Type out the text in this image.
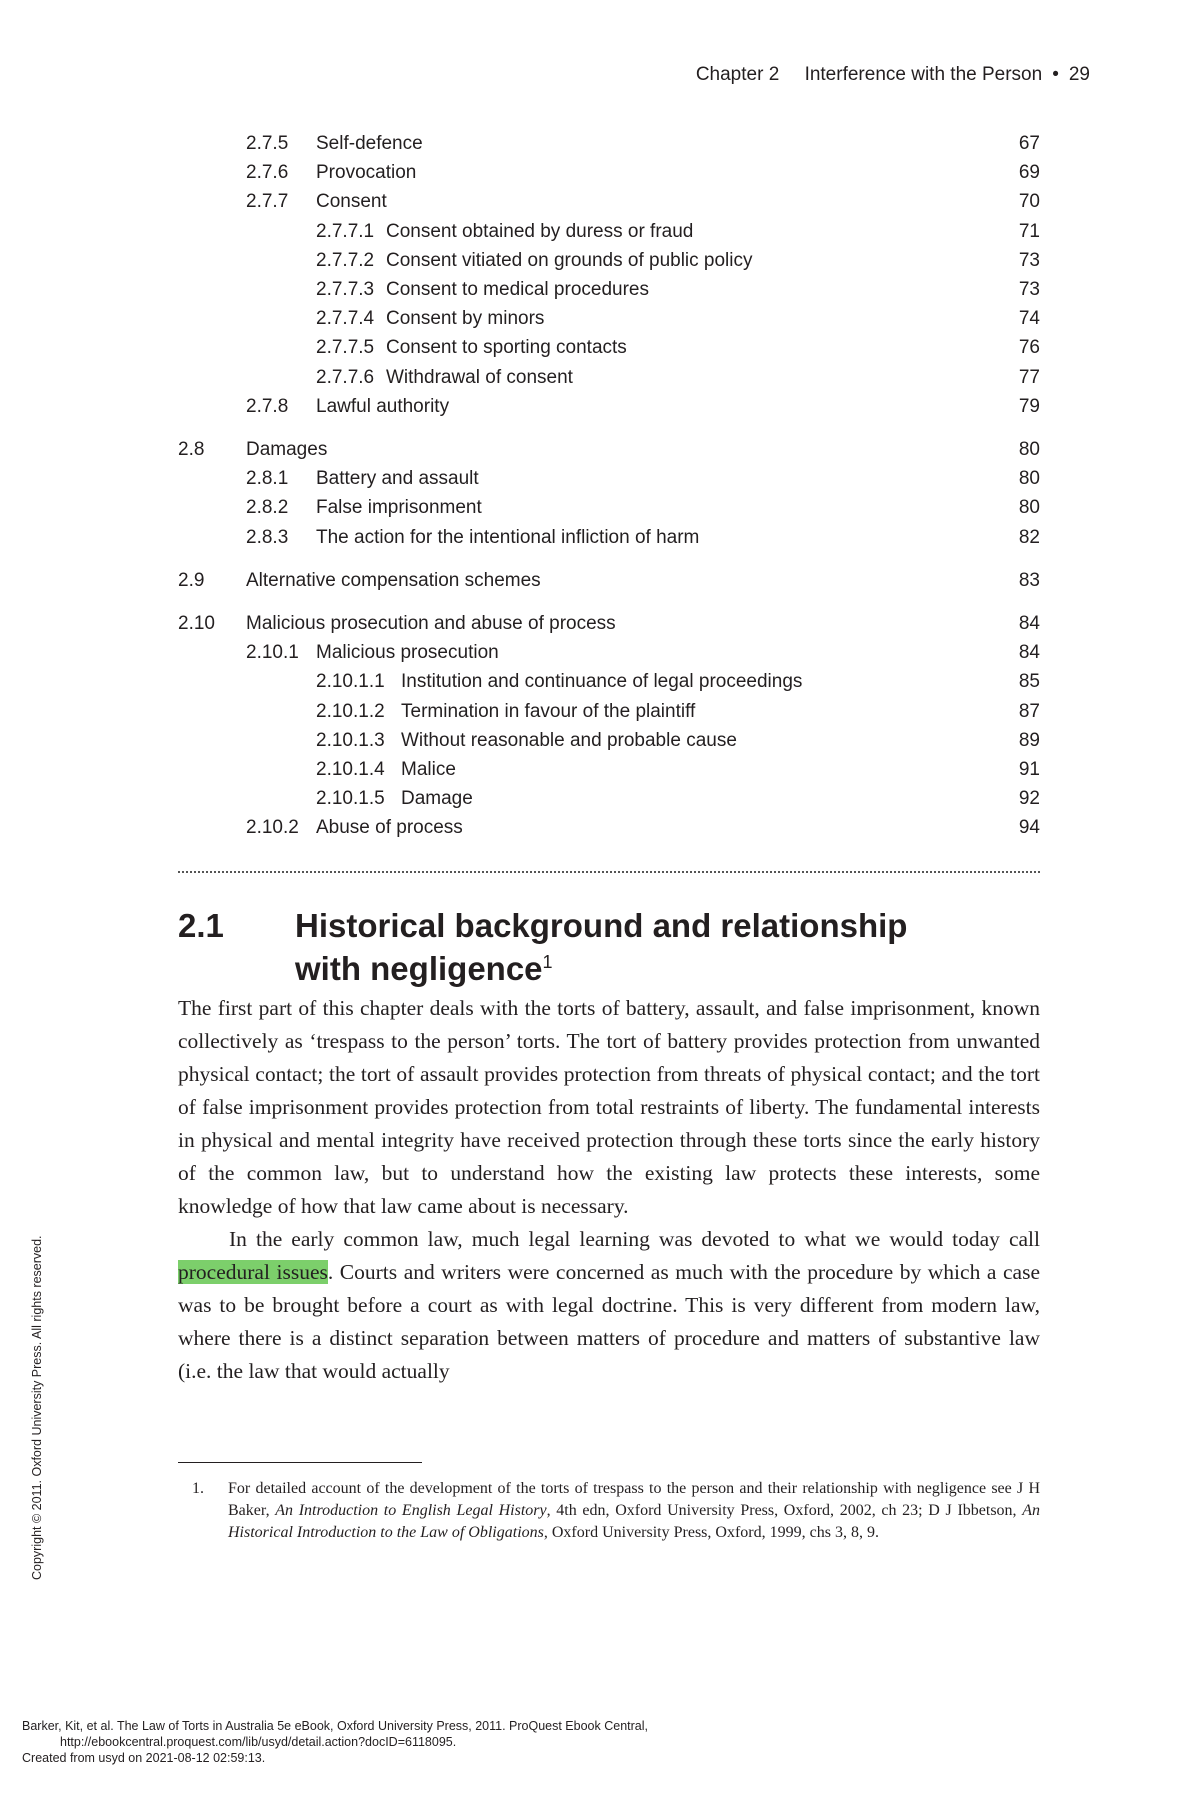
Chapter 2 Interference with the Person • 29
2.7.5 Self-defence	67
2.7.6 Provocation	69
2.7.7 Consent	70
2.7.7.1 Consent obtained by duress or fraud	71
2.7.7.2 Consent vitiated on grounds of public policy	73
2.7.7.3 Consent to medical procedures	73
2.7.7.4 Consent by minors	74
2.7.7.5 Consent to sporting contacts	76
2.7.7.6 Withdrawal of consent	77
2.7.8 Lawful authority	79
2.8 Damages	80
2.8.1 Battery and assault	80
2.8.2 False imprisonment	80
2.8.3 The action for the intentional infliction of harm	82
2.9 Alternative compensation schemes	83
2.10 Malicious prosecution and abuse of process	84
2.10.1 Malicious prosecution	84
2.10.1.1 Institution and continuance of legal proceedings	85
2.10.1.2 Termination in favour of the plaintiff	87
2.10.1.3 Without reasonable and probable cause	89
2.10.1.4 Malice	91
2.10.1.5 Damage	92
2.10.2 Abuse of process	94
2.1 Historical background and relationship
with negligence$^1$

The first part of this chapter deals with the torts of battery, assault, and false imprisonment, known collectively as ‘trespass to the person’ torts. The tort of battery provides protection from unwanted physical contact; the tort of assault provides protection from threats of physical contact; and the tort of false imprisonment provides protection from total restraints of liberty. The fundamental interests in physical and mental integrity have received protection through these torts since the early history of the common law, but to understand how the existing law protects these interests, some knowledge of how that law came about is necessary.

In the early common law, much legal learning was devoted to what we would today call procedural issues. Courts and writers were concerned as much with the procedure by which a case was to be brought before a court as with legal doctrine. This is very different from modern law, where there is a distinct separation between matters of procedure and matters of substantive law (i.e. the law that would actually

1. For detailed account of the development of the torts of trespass to the person and their relationship with negligence see J H Baker, An Introduction to English Legal History, 4th edn, Oxford University Press, Oxford, 2002, ch 23; D J Ibbetson, An Historical Introduction to the Law of Obligations, Oxford University Press, Oxford, 1999, chs 3, 8, 9.
Copyright © 2011. Oxford University Press. All rights reserved.
Barker, Kit, et al. The Law of Torts in Australia 5e eBook, Oxford University Press, 2011. ProQuest Ebook Central,
http://ebookcentral.proquest.com/lib/usyd/detail.action?docID=6118095.
Created from usyd on 2021-08-12 02:59:13.
